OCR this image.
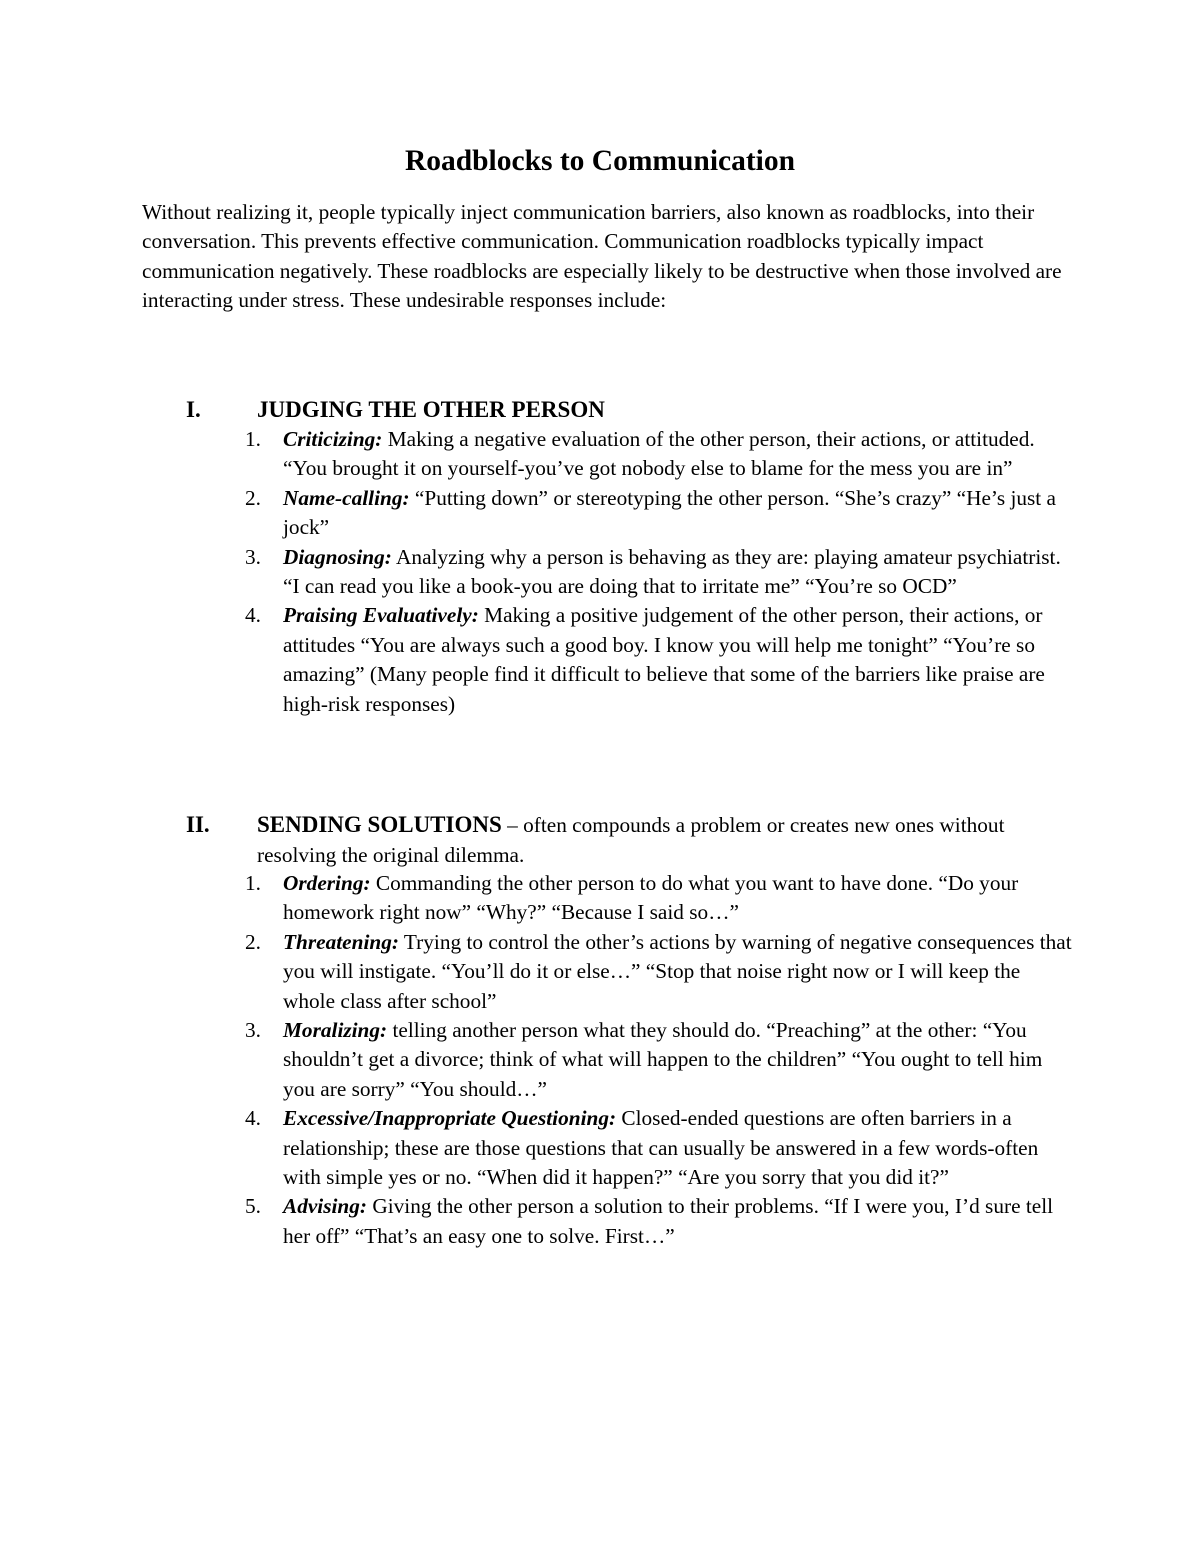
Roadblocks to Communication

Without realizing it, people typically inject communication barriers, also known as roadblocks, into their conversation. This prevents effective communication. Communication roadblocks typically impact communication negatively. These roadblocks are especially likely to be destructive when those involved are interacting under stress. These undesirable responses include:

I. JUDGING THE OTHER PERSON
1. Criticizing: Making a negative evaluation of the other person, their actions, or attituded. “You brought it on yourself-you’ve got nobody else to blame for the mess you are in”
2. Name-calling: “Putting down” or stereotyping the other person. “She’s crazy” “He’s just a jock”
3. Diagnosing: Analyzing why a person is behaving as they are: playing amateur psychiatrist. “I can read you like a book-you are doing that to irritate me” “You’re so OCD”
4. Praising Evaluatively: Making a positive judgement of the other person, their actions, or attitudes “You are always such a good boy. I know you will help me tonight” “You’re so amazing” (Many people find it difficult to believe that some of the barriers like praise are high-risk responses)
II. SENDING SOLUTIONS – often compounds a problem or creates new ones without resolving the original dilemma.
1. Ordering: Commanding the other person to do what you want to have done. “Do your homework right now” “Why?” “Because I said so…”
2. Threatening: Trying to control the other’s actions by warning of negative consequences that you will instigate. “You’ll do it or else…” “Stop that noise right now or I will keep the whole class after school”
3. Moralizing: telling another person what they should do. “Preaching” at the other: “You shouldn’t get a divorce; think of what will happen to the children” “You ought to tell him you are sorry” “You should…”
4. Excessive/Inappropriate Questioning: Closed-ended questions are often barriers in a relationship; these are those questions that can usually be answered in a few words-often with simple yes or no. “When did it happen?” “Are you sorry that you did it?”
5. Advising: Giving the other person a solution to their problems. “If I were you, I’d sure tell her off” “That’s an easy one to solve. First…”
